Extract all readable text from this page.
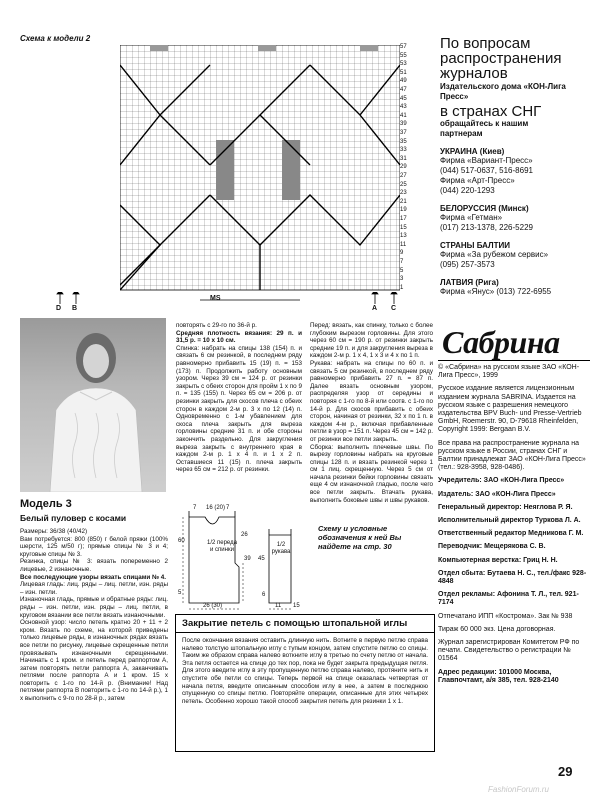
Схема к модели 2
57
55
53
51
49
47
45
43
41
39
37
35
33
31
29
27
25
23
21
19
17
15
13
11
9
7
5
3
1
MS
D B	A C
По вопросам распространения журналов
Издательского дома «КОН-Лига Пресс»
в странах СНГ
обращайтесь к нашим партнерам
УКРАИНА (Киев)
Фирма «Вариант-Пресс»
(044) 517-0637, 516-8691
Фирма «Арт-Пресс»
(044) 220-1293
БЕЛОРУССИЯ (Минск)
Фирма «Гетман»
(017) 213-1378, 226-5229
СТРАНЫ БАЛТИИ
Фирма «За рубежом сервис»
(095) 257-3573
ЛАТВИЯ (Рига)
Фирма «Янус» (013) 722-6955
Сабрина

© «Сабрина» на русском языке ЗАО «КОН-Лига Пресс», 1999

Русское издание является лицензионным изданием журнала SABRINA. Издается на русском языке с разрешения немецкого издательства BPV Buch- und Presse-Vertrieb GmbH, Roemerstr. 90, D-79618 Rheinfelden, Copyright 1999: Bergaan B.V.

Все права на распространение журнала на русском языке в России, странах СНГ и Балтии принадлежат ЗАО «КОН-Лига Пресс» (тел.: 928-3958, 928-0486).

Учредитель: ЗАО «КОН-Лига Пресс»

Издатель: ЗАО «КОН-Лига Пресс»

Генеральный директор: Неяглова Р. Я.

Исполнительный директор Туркова Л. А.

Ответственный редактор Медникова Г. М.

Переводчик: Мещерякова С. В.

Компьютерная верстка: Гриц Н. Н.

Отдел сбыта: Бутаева Н. С., тел./факс 928-4848

Отдел рекламы: Афонина Т. Л., тел. 921-7174

Отпечатано ИПП «Кострома». Зак № 938

Тираж 60 000 экз. Цена договорная.

Журнал зарегистрирован Комитетом РФ по печати. Свидетельство о регистрации № 01564

Адрес редакции: 101000 Москва, Главпочтамт, а/я 385, тел. 928-2140

Модель 3
Белый пуловер с косами

Размеры: 36/38 (40/42)

Вам потребуется: 800 (850) г белой пряжи (100% шерсти, 125 м/50 г); прямые спицы № 3 и 4; круговые спицы № 3.

Резинка, спицы № 3: вязать попеременно 2 лицевые, 2 изнаночные.

Все последующие узоры вязать спицами № 4.

Лицевая гладь: лиц. ряды – лиц. петли, изн. ряды – изн. петли.

Изнаночная гладь, прямые и обратные ряды: лиц. ряды – изн. петли, изн. ряды – лиц. петли, в круговом вязании все петли вязать изнаночными.

Основной узор: число петель кратно 20 + 11 + 2 кром. Вязать по схеме, на которой приведены только лицевые ряды, в изнаночных рядах вязать все петли по рисунку, лицевые скрещенные петли провязывать изнаночными скрещенными. Начинать с 1 кром. и петель перед раппортом А, затем повторять петли раппорта А, заканчивать петлями после раппорта А и 1 кром. 15 х повторить с 1-го по 14-й р. (Внимание! Над петлями раппорта В повторить с 1-го по 14-й р.), 1 х выполнить с 9-го по 28-й р., затем

повторять с 29-го по 36-й р.

Средняя плотность вязания: 29 п. и 31,5 р. = 10 х 10 см.

Спинка: набрать на спицы 138 (154) п. и связать 6 см резинкой, в последнем ряду равномерно прибавить 15 (19) п. = 153 (173) п. Продолжить работу основным узором. Через 39 см = 124 р. от резинки закрыть с обеих сторон для пройм 1 х по 9 п. = 135 (155) п. Через 65 см = 206 р. от резинки закрыть для скосов плеча с обеих сторон в каждом 2-м р. 3 х по 12 (14) п. Одновременно с 1-м убавлением для скоса плеча закрыть для выреза горловины средние 31 п. и обе стороны закончить раздельно. Для закругления выреза закрыть с внутреннего края в каждом 2-м р. 1 х 4 п. и 1 х 2 п. Оставшиеся 11 (15) п. плеча закрыть через 65 см = 212 р. от резинки.

Перед: вязать, как спинку, только с более глубоким вырезом горловины. Для этого через 60 см = 190 р. от резинки закрыть средние 19 п. и для закругления выреза в каждом 2-м р. 1 х 4, 1 х 3 и 4 х по 1 п.

Рукава: набрать на спицы по 60 п. и связать 5 см резинкой, в последнем ряду равномерно прибавить 27 п. = 87 п. Далее вязать основным узором, распределяя узор от середины и повторяя с 1-го по 8-й или соотв. с 1-го по 14-й р. Для скосов прибавить с обеих сторон, начиная от резинки, 32 х по 1 п. в каждом 4-м р., включая прибавленные петли в узор = 151 п. Через 45 см = 142 р. от резинки все петли закрыть.

Сборка: выполнить плечевые швы. По вырезу горловины набрать на круговые спицы 128 п. и вязать резинкой через 1 см 1 лиц. скрещенную. Через 5 см от начала резинки бейки горловины связать еще 4 см изнаночной гладью, после чего все петли закрыть. Втачать рукава, выполнить боковые швы и швы рукавов.

7 16 (20) 7
60
26
39
5
45
6
26 (30)	11 15
1/2 переда и спинки
1/2 рукава
Схему и условные обозначения к ней Вы найдете на стр. 30
Закрытие петель с помощью штопальной иглы

После окончания вязания оставить длинную нить. Вотните в первую петлю справа налево толстую штопальную иглу с тупым концом, затем спустите петлю со спицы. Таким же образом справа налево воткните иглу в третью по счету петлю от начала. Эта петля остается на спице до тех пор, пока не будет закрыта предыдущая петля. Для этого введите иглу в эту пропущенную петлю справа налево, протяните нить и спустите обе петли со спицы. Теперь первой на спице оказалась четвертая от начала петля, введите описанным способом иглу в нее, а затем в последнюю спущенную со спицы петлю. Повторяйте операции, описанные для этих четырех петель. Особенно хорошо такой способ закрытия петель для резинки 1 х 1.

29
FashionForum.ru
